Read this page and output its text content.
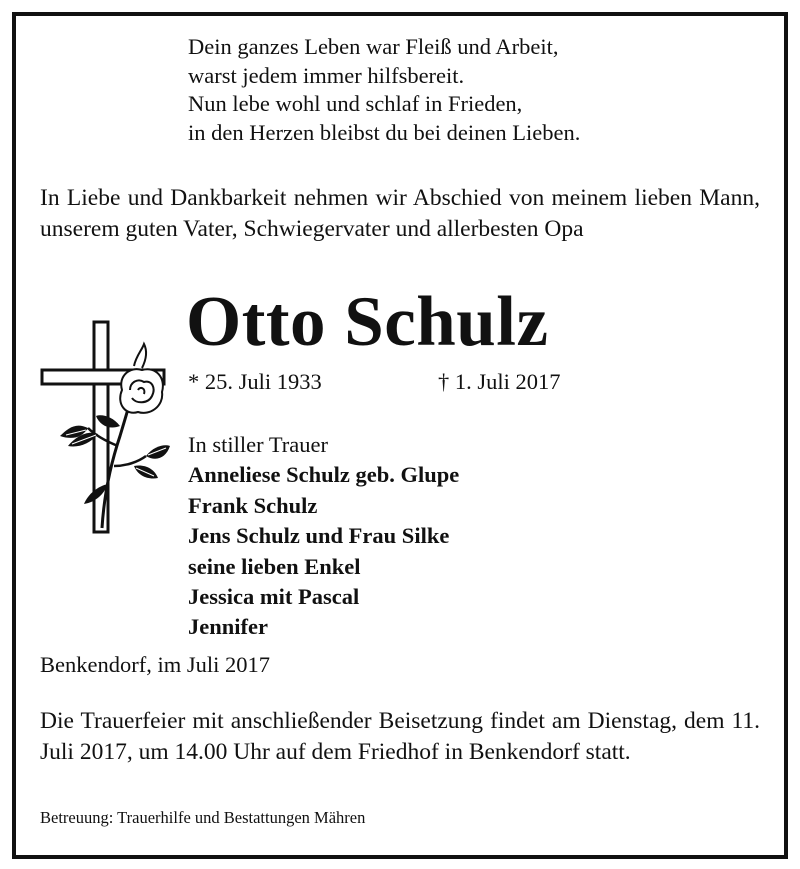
Dein ganzes Leben war Fleiß und Arbeit,
warst jedem immer hilfsbereit.
Nun lebe wohl und schlaf in Frieden,
in den Herzen bleibst du bei deinen Lieben.
In Liebe und Dankbarkeit nehmen wir Abschied von meinem lieben Mann, unserem guten Vater, Schwiegervater und allerbesten Opa
Otto Schulz
* 25. Juli 1933	† 1. Juli 2017
In stiller Trauer
Anneliese Schulz geb. Glupe
Frank Schulz
Jens Schulz und Frau Silke
seine lieben Enkel
Jessica mit Pascal
Jennifer
Benkendorf, im Juli 2017
Die Trauerfeier mit anschließender Beisetzung findet am Dienstag, dem 11. Juli 2017, um 14.00 Uhr auf dem Friedhof in Benkendorf statt.
Betreuung: Trauerhilfe und Bestattungen Mähren
